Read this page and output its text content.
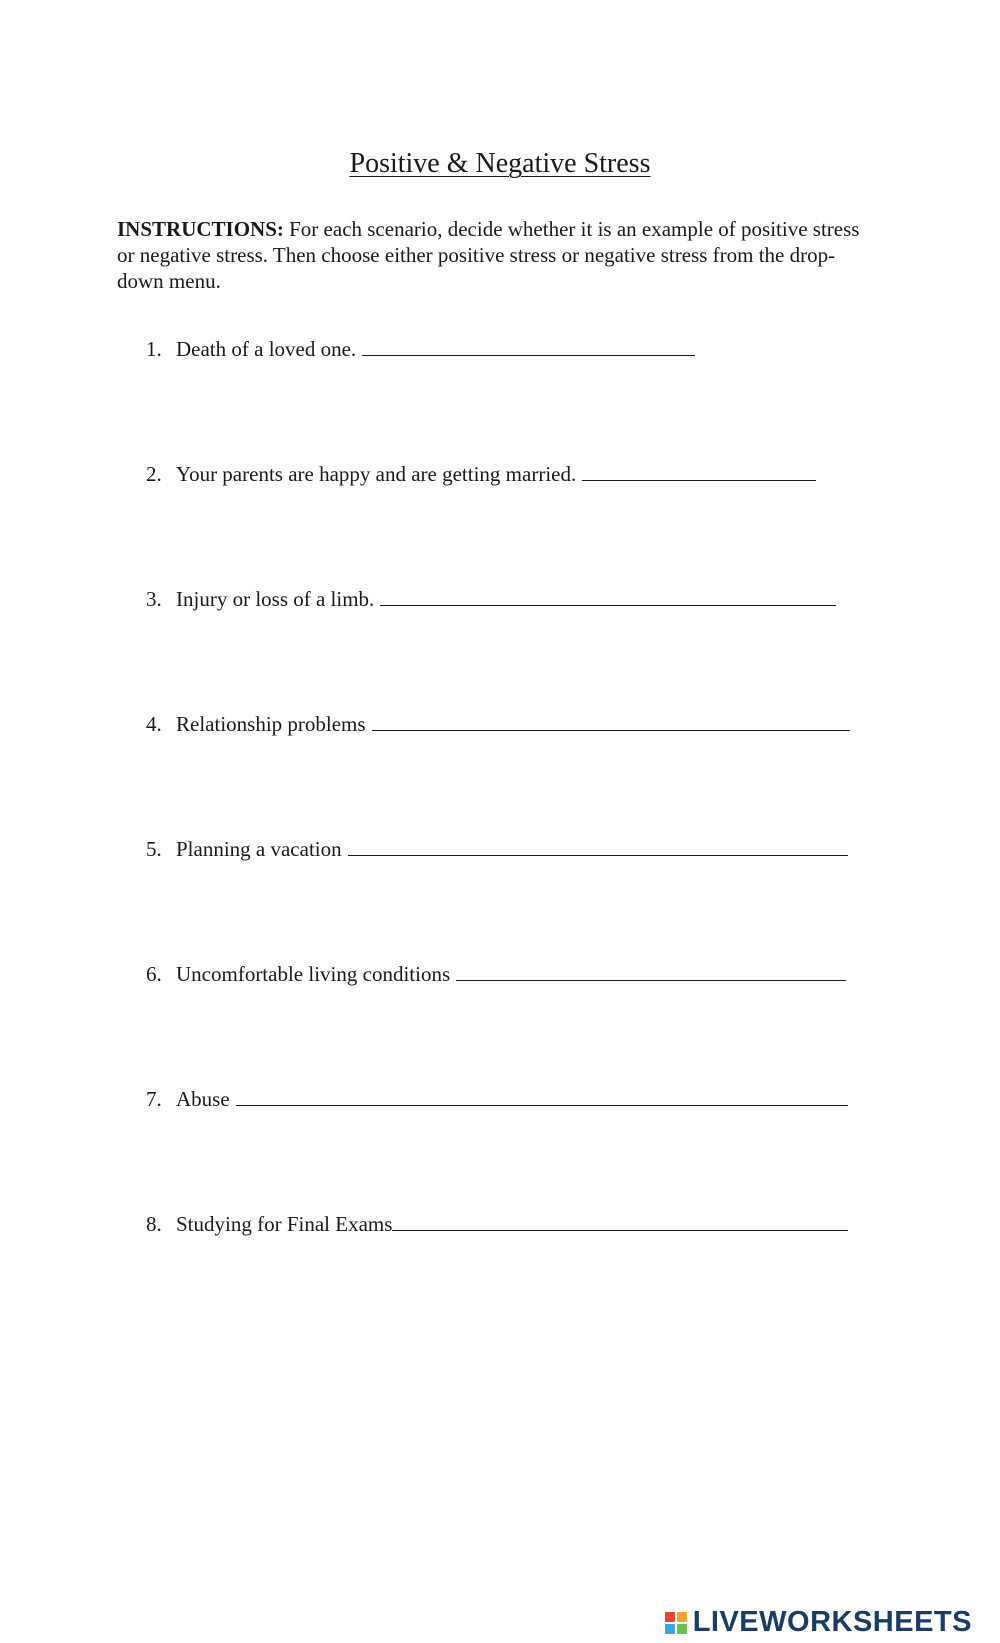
Positive & Negative Stress
INSTRUCTIONS: For each scenario, decide whether it is an example of positive stress or negative stress. Then choose either positive stress or negative stress from the drop-down menu.
1. Death of a loved one.
2. Your parents are happy and are getting married.
3. Injury or loss of a limb.
4. Relationship problems
5. Planning a vacation
6. Uncomfortable living conditions
7. Abuse
8. Studying for Final Exams
LIVEWORKSHEETS
